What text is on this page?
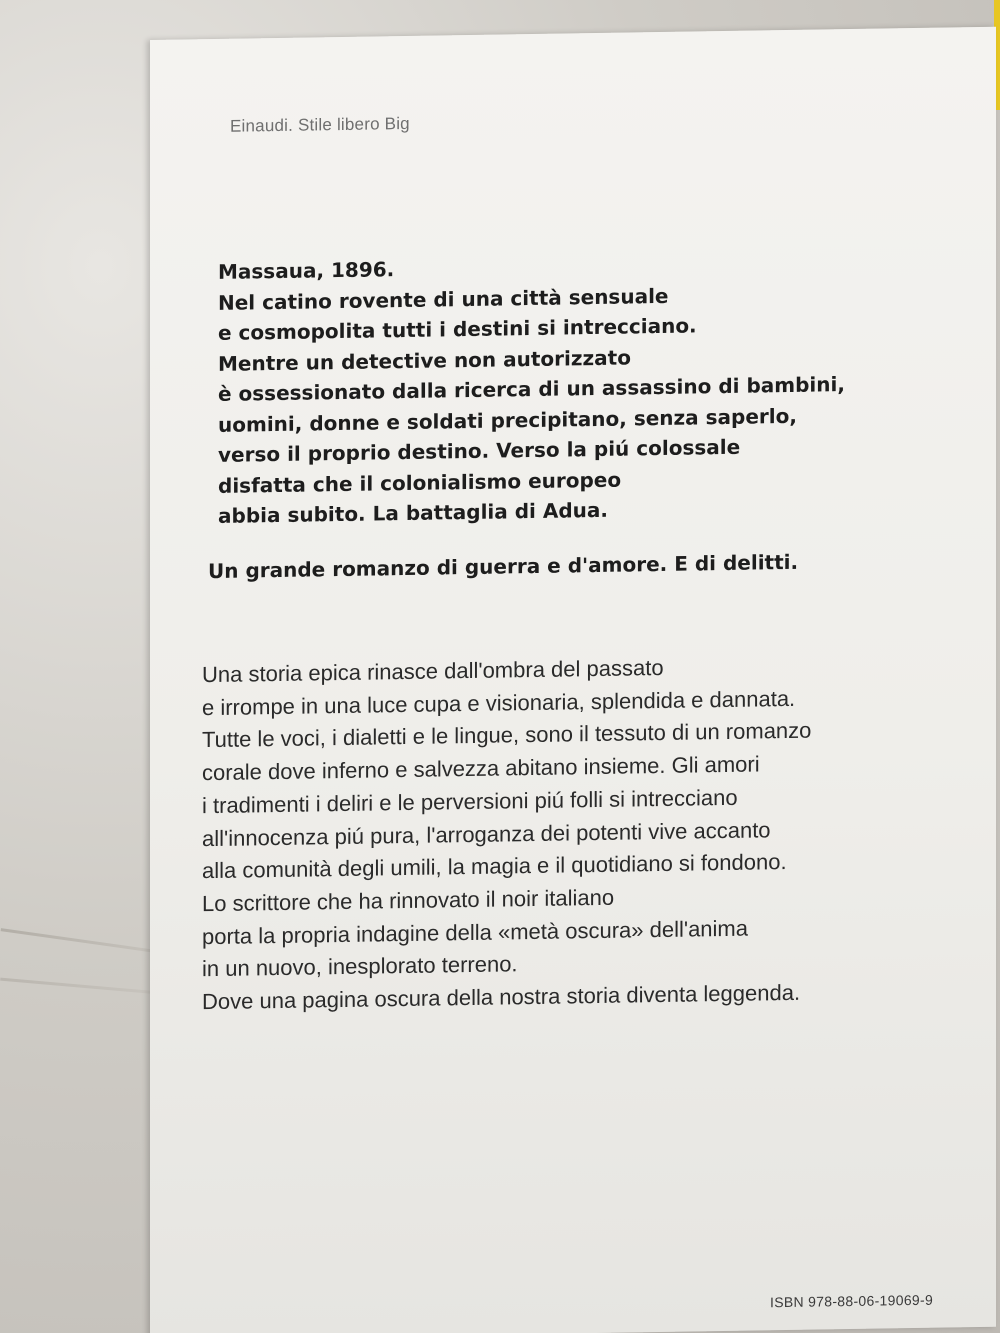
Einaudi. Stile libero Big
Massaua, 1896.
Nel catino rovente di una città sensuale
e cosmopolita tutti i destini si intrecciano.
Mentre un detective non autorizzato
è ossessionato dalla ricerca di un assassino di bambini,
uomini, donne e soldati precipitano, senza saperlo,
verso il proprio destino. Verso la piú colossale
disfatta che il colonialismo europeo
abbia subito. La battaglia di Adua.
Un grande romanzo di guerra e d'amore. E di delitti.
Una storia epica rinasce dall'ombra del passato
e irrompe in una luce cupa e visionaria, splendida e dannata.
Tutte le voci, i dialetti e le lingue, sono il tessuto di un romanzo
corale dove inferno e salvezza abitano insieme. Gli amori
i tradimenti i deliri e le perversioni piú folli si intrecciano
all'innocenza piú pura, l'arroganza dei potenti vive accanto
alla comunità degli umili, la magia e il quotidiano si fondono.
Lo scrittore che ha rinnovato il noir italiano
porta la propria indagine della «metà oscura» dell'anima
in un nuovo, inesplorato terreno.
Dove una pagina oscura della nostra storia diventa leggenda.
ISBN 978-88-06-19069-9
